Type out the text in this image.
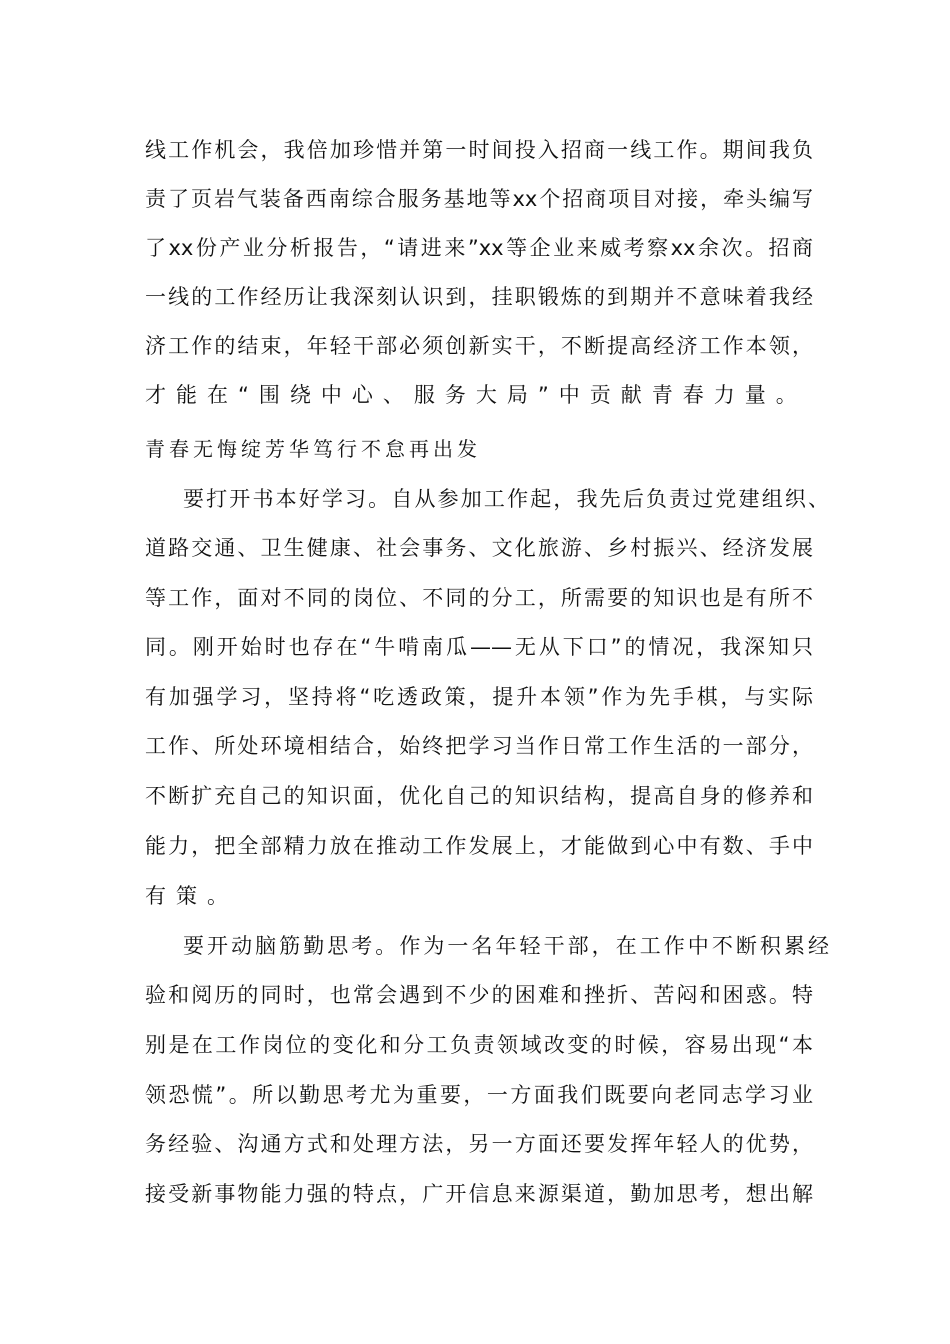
线工作机会，我倍加珍惜并第一时间投入招商一线工作。期间我负
责了页岩气装备西南综合服务基地等xx个招商项目对接，牵头编写
了xx份产业分析报告，“请进来”xx等企业来威考察xx余次。招商
一线的工作经历让我深刻认识到，挂职锻炼的到期并不意味着我经
济工作的结束，年轻干部必须创新实干，不断提高经济工作本领，
才能在“围绕中心、服务大局”中贡献青春力量。
青春无悔绽芳华笃行不怠再出发
要打开书本好学习。自从参加工作起，我先后负责过党建组织、
道路交通、卫生健康、社会事务、文化旅游、乡村振兴、经济发展
等工作，面对不同的岗位、不同的分工，所需要的知识也是有所不
同。刚开始时也存在“牛啃南瓜——无从下口”的情况，我深知只
有加强学习，坚持将“吃透政策，提升本领”作为先手棋，与实际
工作、所处环境相结合，始终把学习当作日常工作生活的一部分，
不断扩充自己的知识面，优化自己的知识结构，提高自身的修养和
能力，把全部精力放在推动工作发展上，才能做到心中有数、手中
有策。
要开动脑筋勤思考。作为一名年轻干部，在工作中不断积累经
验和阅历的同时，也常会遇到不少的困难和挫折、苦闷和困惑。特
别是在工作岗位的变化和分工负责领域改变的时候，容易出现“本
领恐慌”。所以勤思考尤为重要，一方面我们既要向老同志学习业
务经验、沟通方式和处理方法，另一方面还要发挥年轻人的优势，
接受新事物能力强的特点，广开信息来源渠道，勤加思考，想出解
